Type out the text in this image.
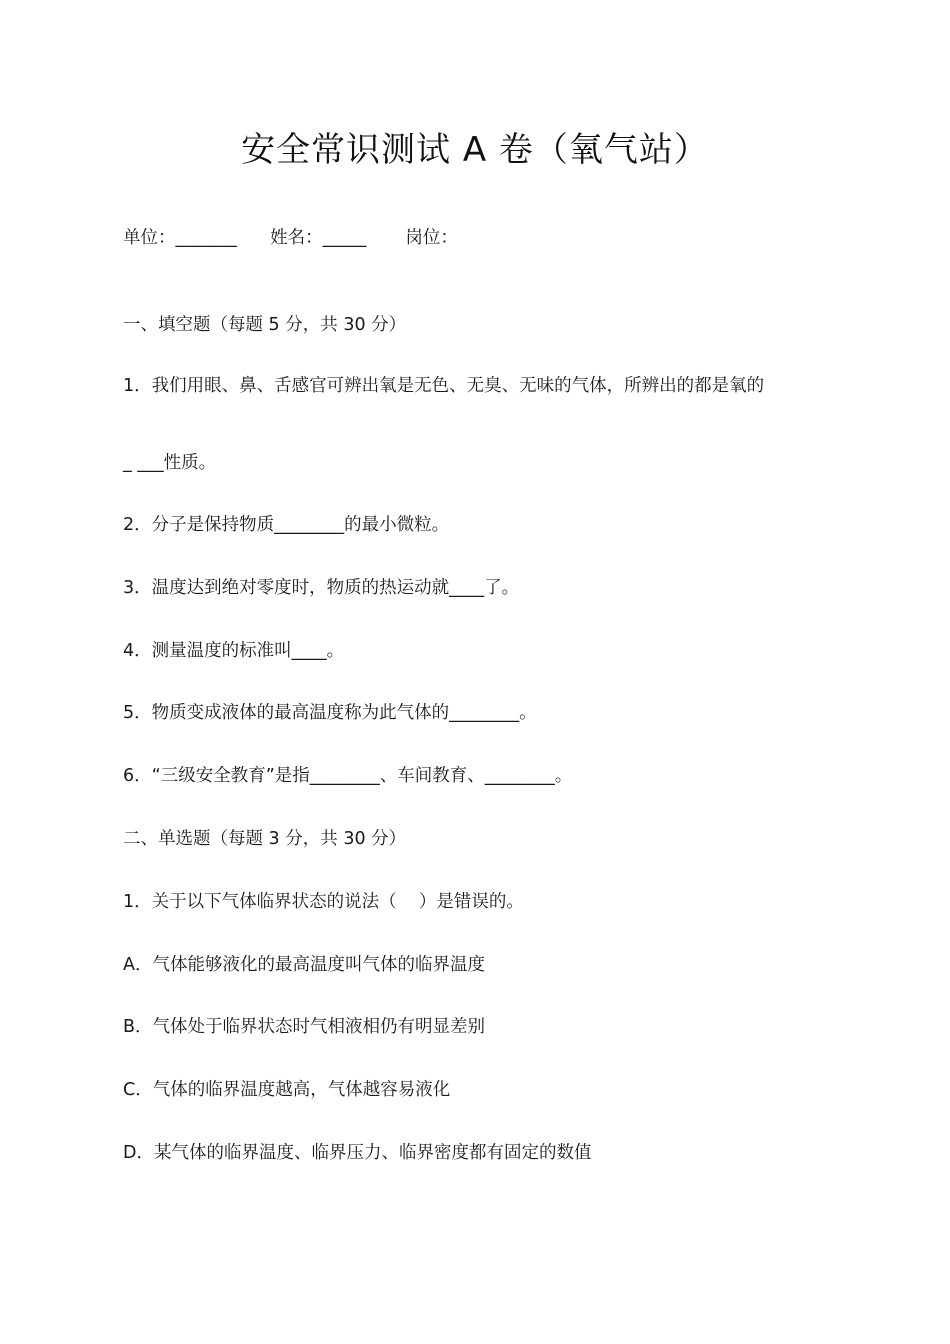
安全常识测试 A 卷（氧气站）
单位：_______      姓名：_____       岗位：
一、填空题（每题 5 分，共 30 分）
1．我们用眼、鼻、舌感官可辨出氧是无色、无臭、无味的气体，所辨出的都是氧的
_ ___性质。
2．分子是保持物质________的最小微粒。
3．温度达到绝对零度时，物质的热运动就____了。
4．测量温度的标准叫____。
5．物质变成液体的最高温度称为此气体的________。
6．“三级安全教育”是指________、车间教育、________。
二、单选题（每题 3 分，共 30 分）
1．关于以下气体临界状态的说法（    ）是错误的。
A．气体能够液化的最高温度叫气体的临界温度
B．气体处于临界状态时气相液相仍有明显差别
C．气体的临界温度越高，气体越容易液化
D．某气体的临界温度、临界压力、临界密度都有固定的数值
